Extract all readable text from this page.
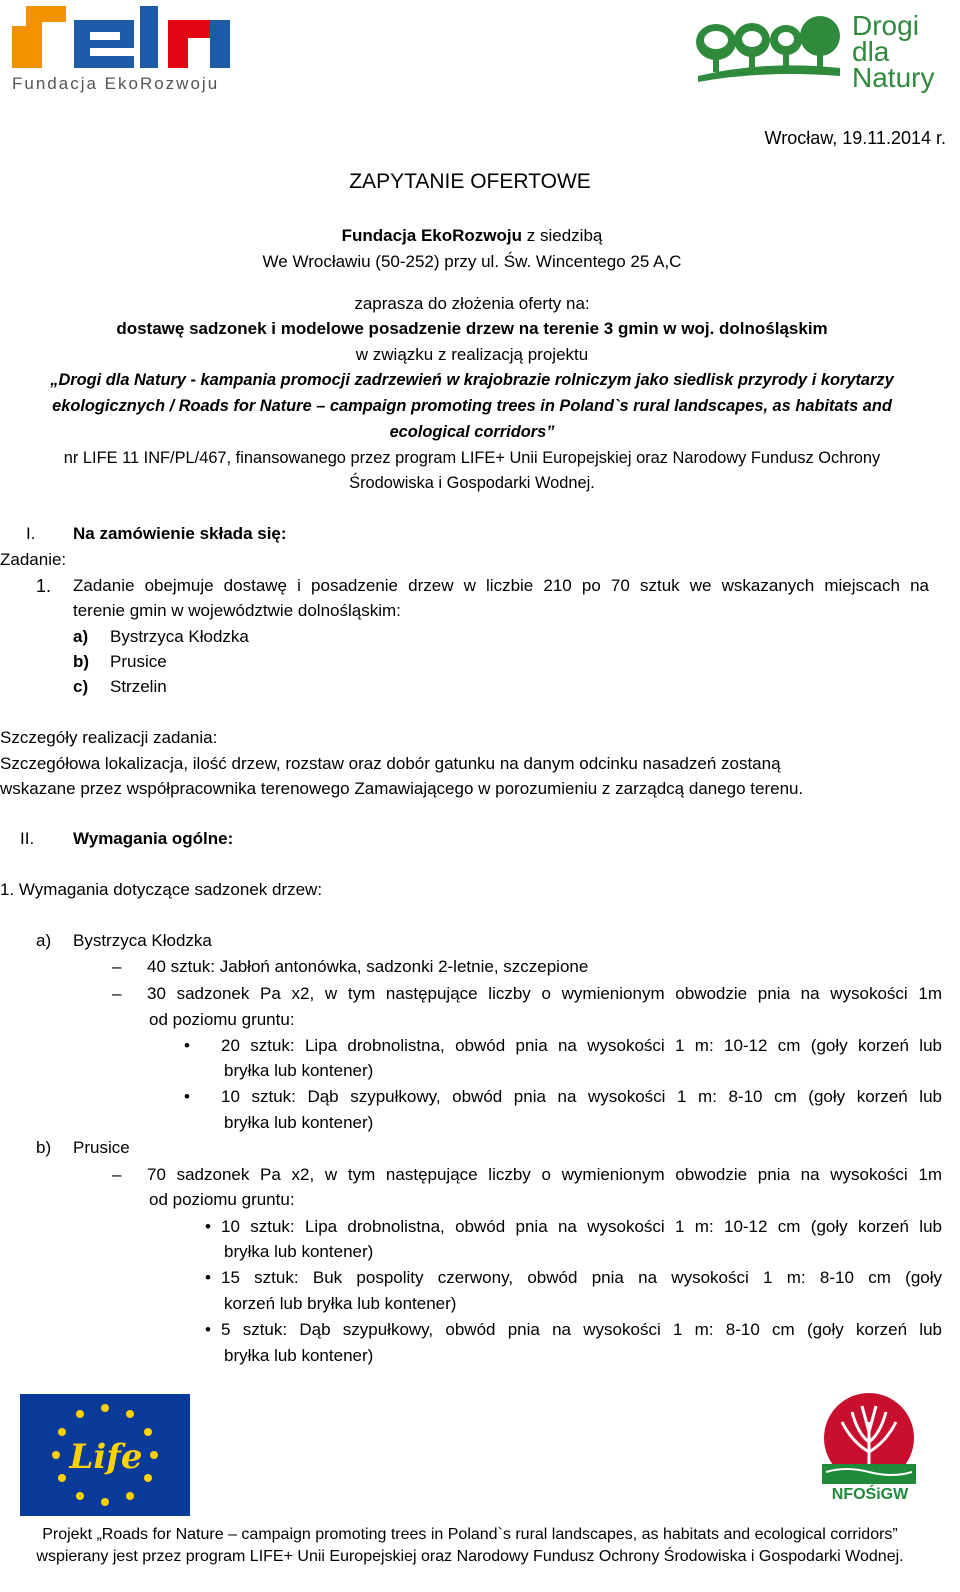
Fundacja EkoRozwoju
Drogi
dla
Natury
Wrocław, 19.11.2014 r.
ZAPYTANIE OFERTOWE
Fundacja EkoRozwoju z siedzibą
We Wrocławiu (50-252) przy ul. Św. Wincentego 25 A,C
zaprasza do złożenia oferty na:
dostawę sadzonek i modelowe posadzenie drzew na terenie 3 gmin w woj. dolnośląskim
w związku z realizacją projektu
„Drogi dla Natury - kampania promocji zadrzewień w krajobrazie rolniczym jako siedlisk przyrody i korytarzy
ekologicznych / Roads for Nature – campaign promoting trees in Poland`s rural landscapes, as habitats and
ecological corridors”
nr LIFE 11 INF/PL/467, finansowanego przez program LIFE+ Unii Europejskiej oraz Narodowy Fundusz Ochrony
Środowiska i Gospodarki Wodnej.
I. Na zamówienie składa się:
Zadanie:
1. Zadanie obejmuje dostawę i posadzenie drzew w liczbie 210 po 70 sztuk we wskazanych miejscach na
terenie gmin w województwie dolnośląskim:
a) Bystrzyca Kłodzka
b) Prusice
c) Strzelin
Szczegóły realizacji zadania:
Szczegółowa lokalizacja, ilość drzew, rozstaw oraz dobór gatunku na danym odcinku nasadzeń zostaną
wskazane przez współpracownika terenowego Zamawiającego w porozumieniu z zarządcą danego terenu.
II. Wymagania ogólne:
1. Wymagania dotyczące sadzonek drzew:
a) Bystrzyca Kłodzka
– 40 sztuk: Jabłoń antonówka, sadzonki 2-letnie, szczepione
– 30 sadzonek Pa x2, w tym następujące liczby o wymienionym obwodzie pnia na wysokości 1m
od poziomu gruntu:
• 20 sztuk: Lipa drobnolistna, obwód pnia na wysokości 1 m: 10-12 cm (goły korzeń lub
bryłka lub kontener)
• 10 sztuk: Dąb szypułkowy, obwód pnia na wysokości 1 m: 8-10 cm (goły korzeń lub
bryłka lub kontener)
b) Prusice
– 70 sadzonek Pa x2, w tym następujące liczby o wymienionym obwodzie pnia na wysokości 1m
od poziomu gruntu:
• 10 sztuk: Lipa drobnolistna, obwód pnia na wysokości 1 m: 10-12 cm (goły korzeń lub
bryłka lub kontener)
• 15 sztuk: Buk pospolity czerwony, obwód pnia na wysokości 1 m: 8-10 cm (goły
korzeń lub bryłka lub kontener)
• 5 sztuk: Dąb szypułkowy, obwód pnia na wysokości 1 m: 8-10 cm (goły korzeń lub
bryłka lub kontener)
Life
NFOŚiGW
Projekt „Roads for Nature – campaign promoting trees in Poland`s rural landscapes, as habitats and ecological corridors”
wspierany jest przez program LIFE+ Unii Europejskiej oraz Narodowy Fundusz Ochrony Środowiska i Gospodarki Wodnej.
